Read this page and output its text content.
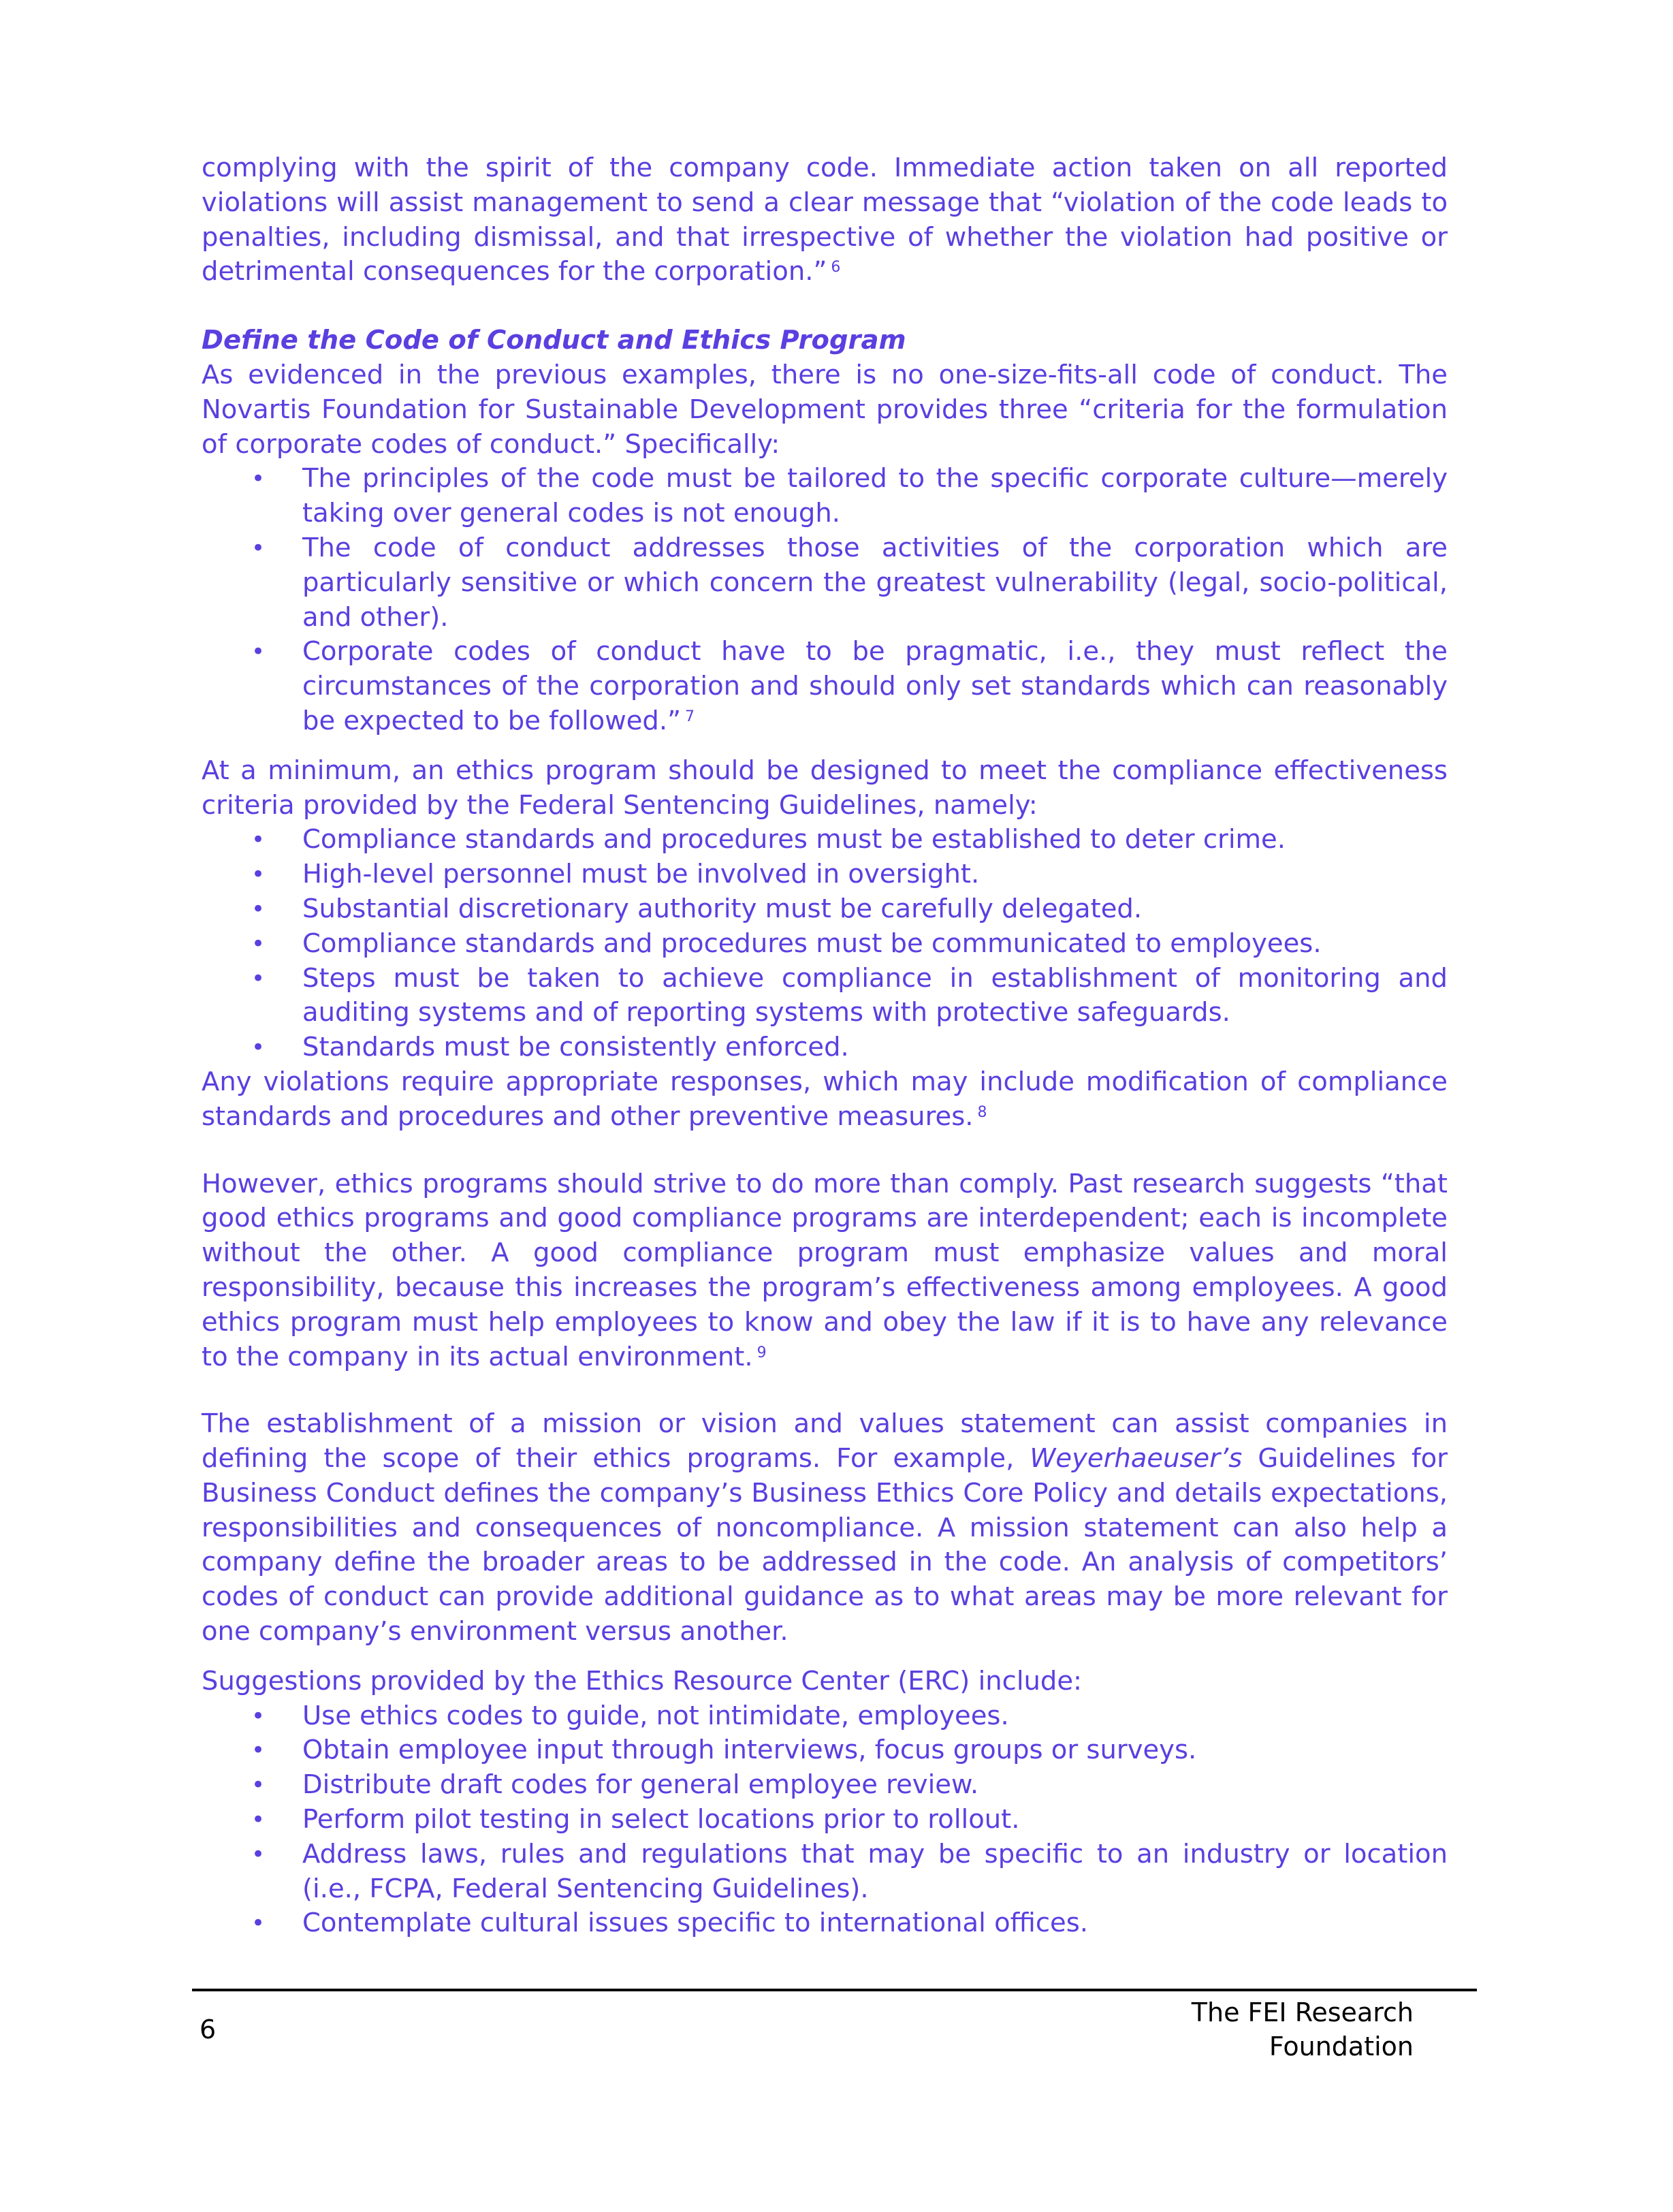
complying with the spirit of the company code. Immediate action taken on all reported violations will assist management to send a clear message that “violation of the code leads to penalties, including dismissal, and that irrespective of whether the violation had positive or detrimental consequences for the corporation.” $^6$

Define the Code of Conduct and Ethics Program

As evidenced in the previous examples, there is no one-size-fits-all code of conduct. The Novartis Foundation for Sustainable Development provides three “criteria for the formulation of corporate codes of conduct.” Specifically:

• The principles of the code must be tailored to the specific corporate culture—merely taking over general codes is not enough.
• The code of conduct addresses those activities of the corporation which are particularly sensitive or which concern the greatest vulnerability (legal, socio-political, and other).
• Corporate codes of conduct have to be pragmatic, i.e., they must reflect the circumstances of the corporation and should only set standards which can reasonably be expected to be followed.” $^7$

At a minimum, an ethics program should be designed to meet the compliance effectiveness criteria provided by the Federal Sentencing Guidelines, namely:

• Compliance standards and procedures must be established to deter crime.
• High-level personnel must be involved in oversight.
• Substantial discretionary authority must be carefully delegated.
• Compliance standards and procedures must be communicated to employees.
• Steps must be taken to achieve compliance in establishment of monitoring and auditing systems and of reporting systems with protective safeguards.
• Standards must be consistently enforced.

Any violations require appropriate responses, which may include modification of compliance standards and procedures and other preventive measures. $^8$

However, ethics programs should strive to do more than comply. Past research suggests “that good ethics programs and good compliance programs are interdependent; each is incomplete without the other. A good compliance program must emphasize values and moral responsibility, because this increases the program’s effectiveness among employees. A good ethics program must help employees to know and obey the law if it is to have any relevance to the company in its actual environment. $^9$

The establishment of a mission or vision and values statement can assist companies in defining the scope of their ethics programs. For example, Weyerhaeuser’s Guidelines for Business Conduct defines the company’s Business Ethics Core Policy and details expectations, responsibilities and consequences of noncompliance. A mission statement can also help a company define the broader areas to be addressed in the code. An analysis of competitors’ codes of conduct can provide additional guidance as to what areas may be more relevant for one company’s environment versus another.

Suggestions provided by the Ethics Resource Center (ERC) include:

• Use ethics codes to guide, not intimidate, employees.
• Obtain employee input through interviews, focus groups or surveys.
• Distribute draft codes for general employee review.
• Perform pilot testing in select locations prior to rollout.
• Address laws, rules and regulations that may be specific to an industry or location (i.e., FCPA, Federal Sentencing Guidelines).
• Contemplate cultural issues specific to international offices.
The FEI Research Foundation
6
